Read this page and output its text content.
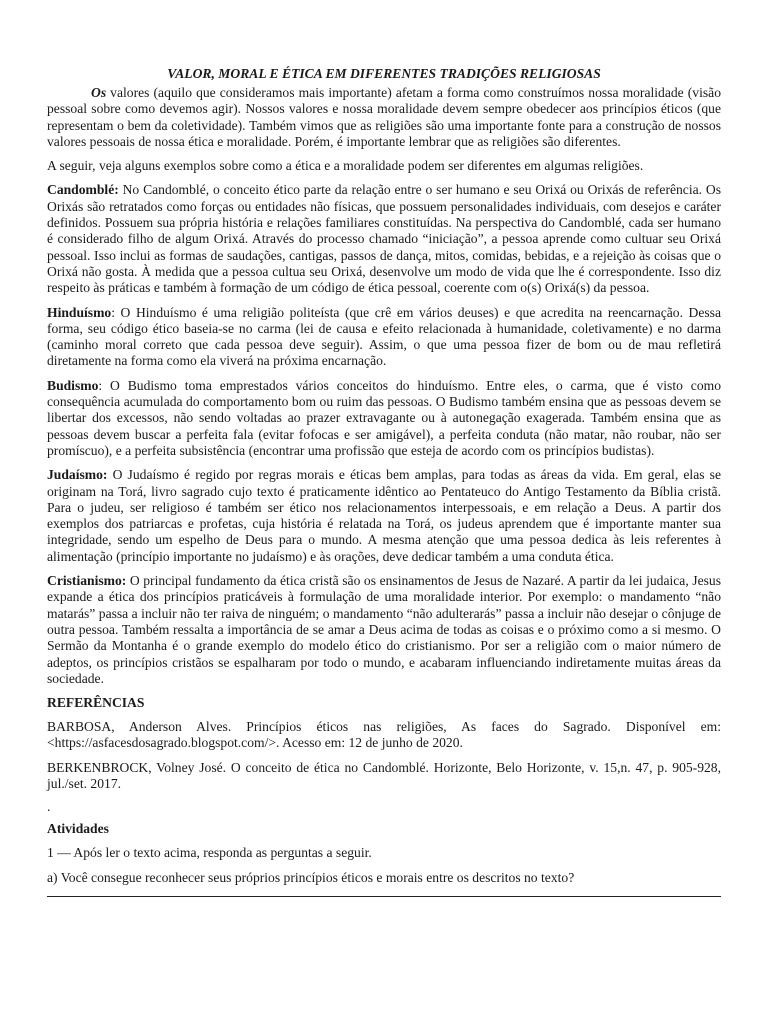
VALOR, MORAL E ÉTICA EM DIFERENTES TRADIÇÕES RELIGIOSAS

Os valores (aquilo que consideramos mais importante) afetam a forma como construímos nossa moralidade (visão pessoal sobre como devemos agir). Nossos valores e nossa moralidade devem sempre obedecer aos princípios éticos (que representam o bem da coletividade). Também vimos que as religiões são uma importante fonte para a construção de nossos valores pessoais de nossa ética e moralidade. Porém, é importante lembrar que as religiões são diferentes.

A seguir, veja alguns exemplos sobre como a ética e a moralidade podem ser diferentes em algumas religiões.

Candomblé: No Candomblé, o conceito ético parte da relação entre o ser humano e seu Orixá ou Orixás de referência. Os Orixás são retratados como forças ou entidades não físicas, que possuem personalidades individuais, com desejos e caráter definidos. Possuem sua própria história e relações familiares constituídas. Na perspectiva do Candomblé, cada ser humano é considerado filho de algum Orixá. Através do processo chamado “iniciação”, a pessoa aprende como cultuar seu Orixá pessoal. Isso inclui as formas de saudações, cantigas, passos de dança, mitos, comidas, bebidas, e a rejeição às coisas que o Orixá não gosta. À medida que a pessoa cultua seu Orixá, desenvolve um modo de vida que lhe é correspondente. Isso diz respeito às práticas e também à formação de um código de ética pessoal, coerente com o(s) Orixá(s) da pessoa.

Hinduísmo: O Hinduísmo é uma religião politeísta (que crê em vários deuses) e que acredita na reencarnação. Dessa forma, seu código ético baseia-se no carma (lei de causa e efeito relacionada à humanidade, coletivamente) e no darma (caminho moral correto que cada pessoa deve seguir). Assim, o que uma pessoa fizer de bom ou de mau refletirá diretamente na forma como ela viverá na próxima encarnação.

Budismo: O Budismo toma emprestados vários conceitos do hinduísmo. Entre eles, o carma, que é visto como consequência acumulada do comportamento bom ou ruim das pessoas. O Budismo também ensina que as pessoas devem se libertar dos excessos, não sendo voltadas ao prazer extravagante ou à autonegação exagerada. Também ensina que as pessoas devem buscar a perfeita fala (evitar fofocas e ser amigável), a perfeita conduta (não matar, não roubar, não ser promíscuo), e a perfeita subsistência (encontrar uma profissão que esteja de acordo com os princípios budistas).

Judaísmo: O Judaísmo é regido por regras morais e éticas bem amplas, para todas as áreas da vida. Em geral, elas se originam na Torá, livro sagrado cujo texto é praticamente idêntico ao Pentateuco do Antigo Testamento da Bíblia cristã. Para o judeu, ser religioso é também ser ético nos relacionamentos interpessoais, e em relação a Deus. A partir dos exemplos dos patriarcas e profetas, cuja história é relatada na Torá, os judeus aprendem que é importante manter sua integridade, sendo um espelho de Deus para o mundo. A mesma atenção que uma pessoa dedica às leis referentes à alimentação (princípio importante no judaísmo) e às orações, deve dedicar também a uma conduta ética.

Cristianismo: O principal fundamento da ética cristã são os ensinamentos de Jesus de Nazaré. A partir da lei judaica, Jesus expande a ética dos princípios praticáveis à formulação de uma moralidade interior. Por exemplo: o mandamento “não matarás” passa a incluir não ter raiva de ninguém; o mandamento “não adulterarás” passa a incluir não desejar o cônjuge de outra pessoa. Também ressalta a importância de se amar a Deus acima de todas as coisas e o próximo como a si mesmo. O Sermão da Montanha é o grande exemplo do modelo ético do cristianismo. Por ser a religião com o maior número de adeptos, os princípios cristãos se espalharam por todo o mundo, e acabaram influenciando indiretamente muitas áreas da sociedade.

REFERÊNCIAS

BARBOSA, Anderson Alves. Princípios éticos nas religiões, As faces do Sagrado. Disponível em:<https://asfacesdosagrado.blogspot.com/>. Acesso em: 12 de junho de 2020.

BERKENBROCK, Volney José. O conceito de ética no Candomblé. Horizonte, Belo Horizonte, v. 15,n. 47, p. 905-928, jul./set. 2017.

.

Atividades

1 — Após ler o texto acima, responda as perguntas a seguir.

a) Você consegue reconhecer seus próprios princípios éticos e morais entre os descritos no texto?
